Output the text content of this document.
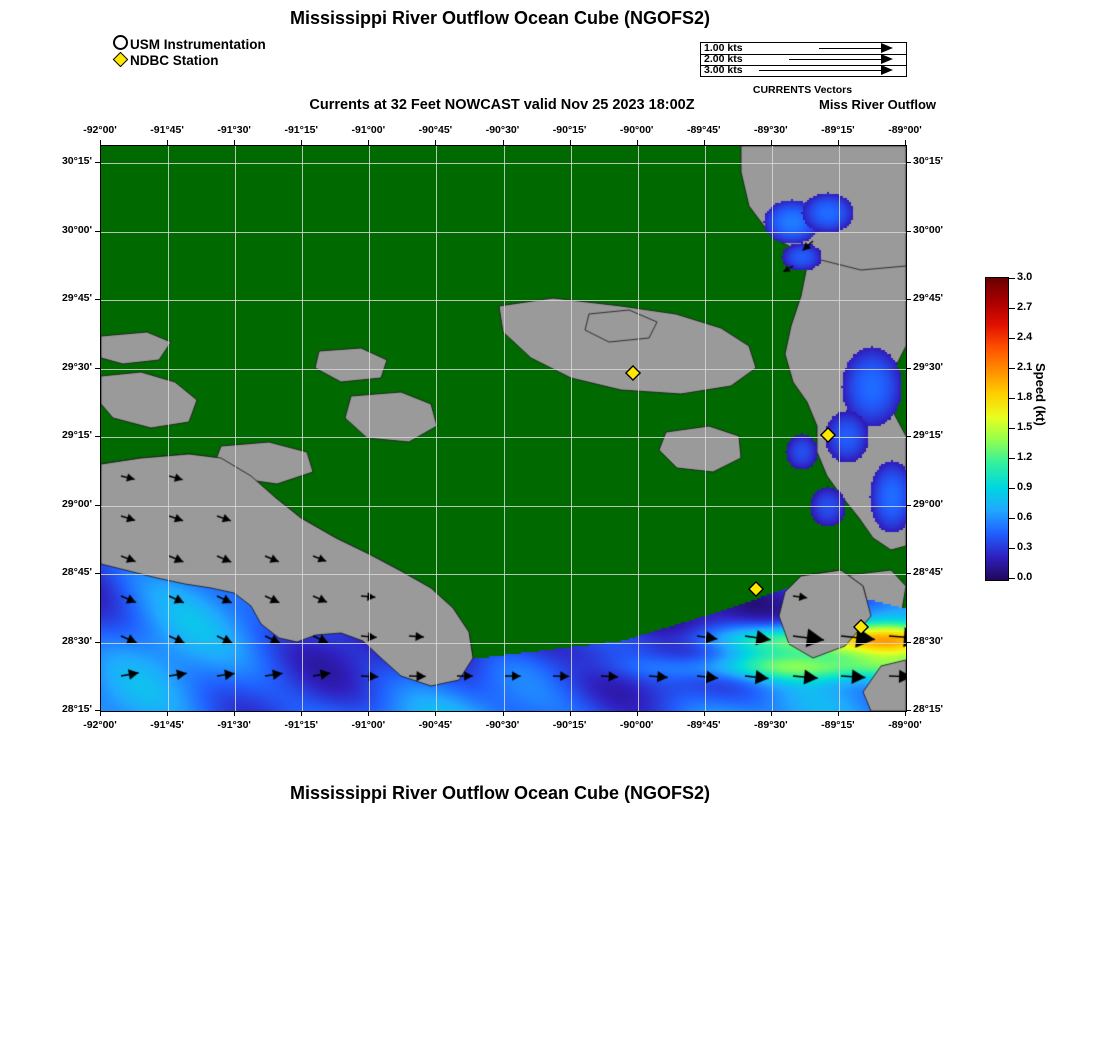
Mississippi River Outflow Ocean Cube (NGOFS2)
Currents at 32 Feet NOWCAST valid Nov 25 2023 18:00Z	Miss River Outflow
Mississippi River Outflow Ocean Cube (NGOFS2)
USM Instrumentation
NDBC Station
1.00 kts
2.00 kts
3.00 kts
CURRENTS Vectors
-92°00'
-92°00'
-91°45'
-91°45'
-91°30'
-91°30'
-91°15'
-91°15'
-91°00'
-91°00'
-90°45'
-90°45'
-90°30'
-90°30'
-90°15'
-90°15'
-90°00'
-90°00'
-89°45'
-89°45'
-89°30'
-89°30'
-89°15'
-89°15'
-89°00'
-89°00'
30°15'	30°15'
30°00'	30°00'
29°45'	29°45'
29°30'	29°30'
29°15'	29°15'
29°00'	29°00'
28°45'	28°45'
28°30'	28°30'
28°15'	28°15'
3.0
2.7
2.4
2.1
1.8
1.5
1.2
0.9
0.6
0.3
0.0
Speed (kt)
